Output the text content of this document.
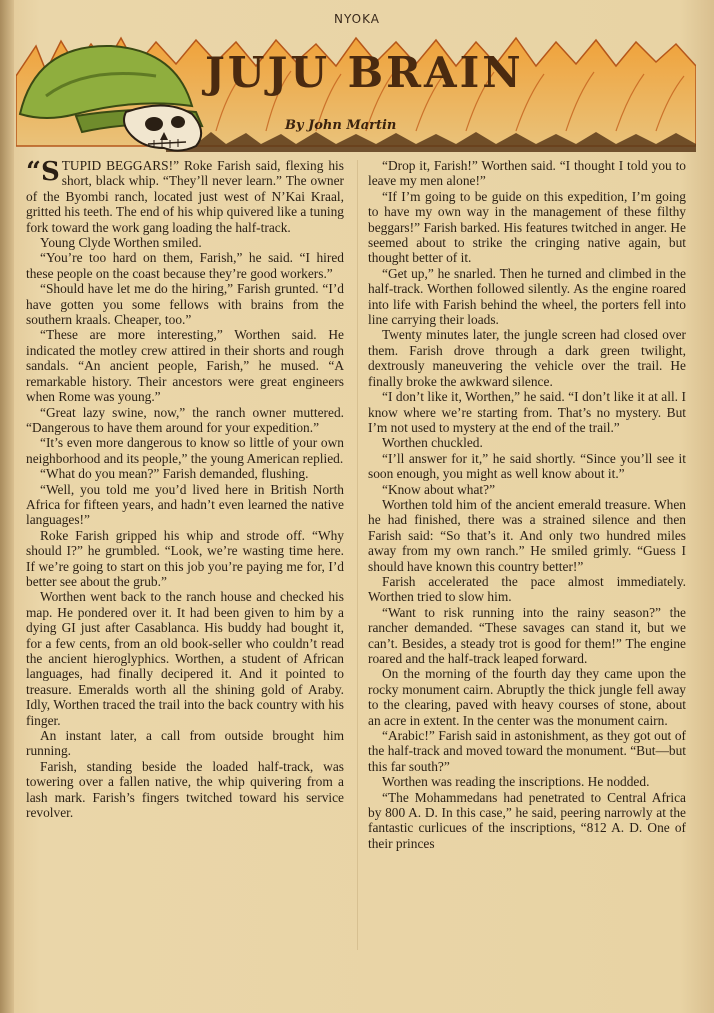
NYOKA
JUJU BRAIN
By John Martin

“STUPID BEGGARS!” Roke Farish said, flexing his short, black whip. “They’ll never learn.” The owner of the Byombi ranch, located just west of N’Kai Kraal, gritted his teeth. The end of his whip quivered like a tuning fork toward the work gang loading the half-track.

Young Clyde Worthen smiled.

“You’re too hard on them, Farish,” he said. “I hired these people on the coast because they’re good workers.”

“Should have let me do the hiring,” Farish grunted. “I’d have gotten you some fellows with brains from the southern kraals. Cheaper, too.”

“These are more interesting,” Worthen said. He indicated the motley crew attired in their shorts and rough sandals. “An ancient people, Farish,” he mused. “A remarkable history. Their ancestors were great engineers when Rome was young.”

“Great lazy swine, now,” the ranch owner muttered. “Dangerous to have them around for your expedition.”

“It’s even more dangerous to know so little of your own neighborhood and its people,” the young American replied.

“What do you mean?” Farish demanded, flushing.

“Well, you told me you’d lived here in British North Africa for fifteen years, and hadn’t even learned the native languages!”

Roke Farish gripped his whip and strode off. “Why should I?” he grumbled. “Look, we’re wasting time here. If we’re going to start on this job you’re paying me for, I’d better see about the grub.”

Worthen went back to the ranch house and checked his map. He pondered over it. It had been given to him by a dying GI just after Casablanca. His buddy had bought it, for a few cents, from an old book-seller who couldn’t read the ancient hieroglyphics. Worthen, a student of African languages, had finally decipered it. And it pointed to treasure. Emeralds worth all the shining gold of Araby. Idly, Worthen traced the trail into the back country with his finger.

An instant later, a call from outside brought him running.

Farish, standing beside the loaded half-track, was towering over a fallen native, the whip quivering from a lash mark. Farish’s fingers twitched toward his service revolver.

“Drop it, Farish!” Worthen said. “I thought I told you to leave my men alone!”

“If I’m going to be guide on this expedition, I’m going to have my own way in the management of these filthy beggars!” Farish barked. His features twitched in anger. He seemed about to strike the cringing native again, but thought better of it.

“Get up,” he snarled. Then he turned and climbed in the half-track. Worthen followed silently. As the engine roared into life with Farish behind the wheel, the porters fell into line carrying their loads.

Twenty minutes later, the jungle screen had closed over them. Farish drove through a dark green twilight, dextrously maneuvering the vehicle over the trail. He finally broke the awkward silence.

“I don’t like it, Worthen,” he said. “I don’t like it at all. I know where we’re starting from. That’s no mystery. But I’m not used to mystery at the end of the trail.”

Worthen chuckled.

“I’ll answer for it,” he said shortly. “Since you’ll see it soon enough, you might as well know about it.”

“Know about what?”

Worthen told him of the ancient emerald treasure. When he had finished, there was a strained silence and then Farish said: “So that’s it. And only two hundred miles away from my own ranch.” He smiled grimly. “Guess I should have known this country better!”

Farish accelerated the pace almost immediately. Worthen tried to slow him.

“Want to risk running into the rainy season?” the rancher demanded. “These savages can stand it, but we can’t. Besides, a steady trot is good for them!” The engine roared and the half-track leaped forward.

On the morning of the fourth day they came upon the rocky monument cairn. Abruptly the thick jungle fell away to the clearing, paved with heavy courses of stone, about an acre in extent. In the center was the monument cairn.

“Arabic!” Farish said in astonishment, as they got out of the half-track and moved toward the monument. “But—but this far south?”

Worthen was reading the inscriptions. He nodded.

“The Mohammedans had penetrated to Central Africa by 800 A. D. In this case,” he said, peering narrowly at the fantastic curlicues of the inscriptions, “812 A. D. One of their princes
